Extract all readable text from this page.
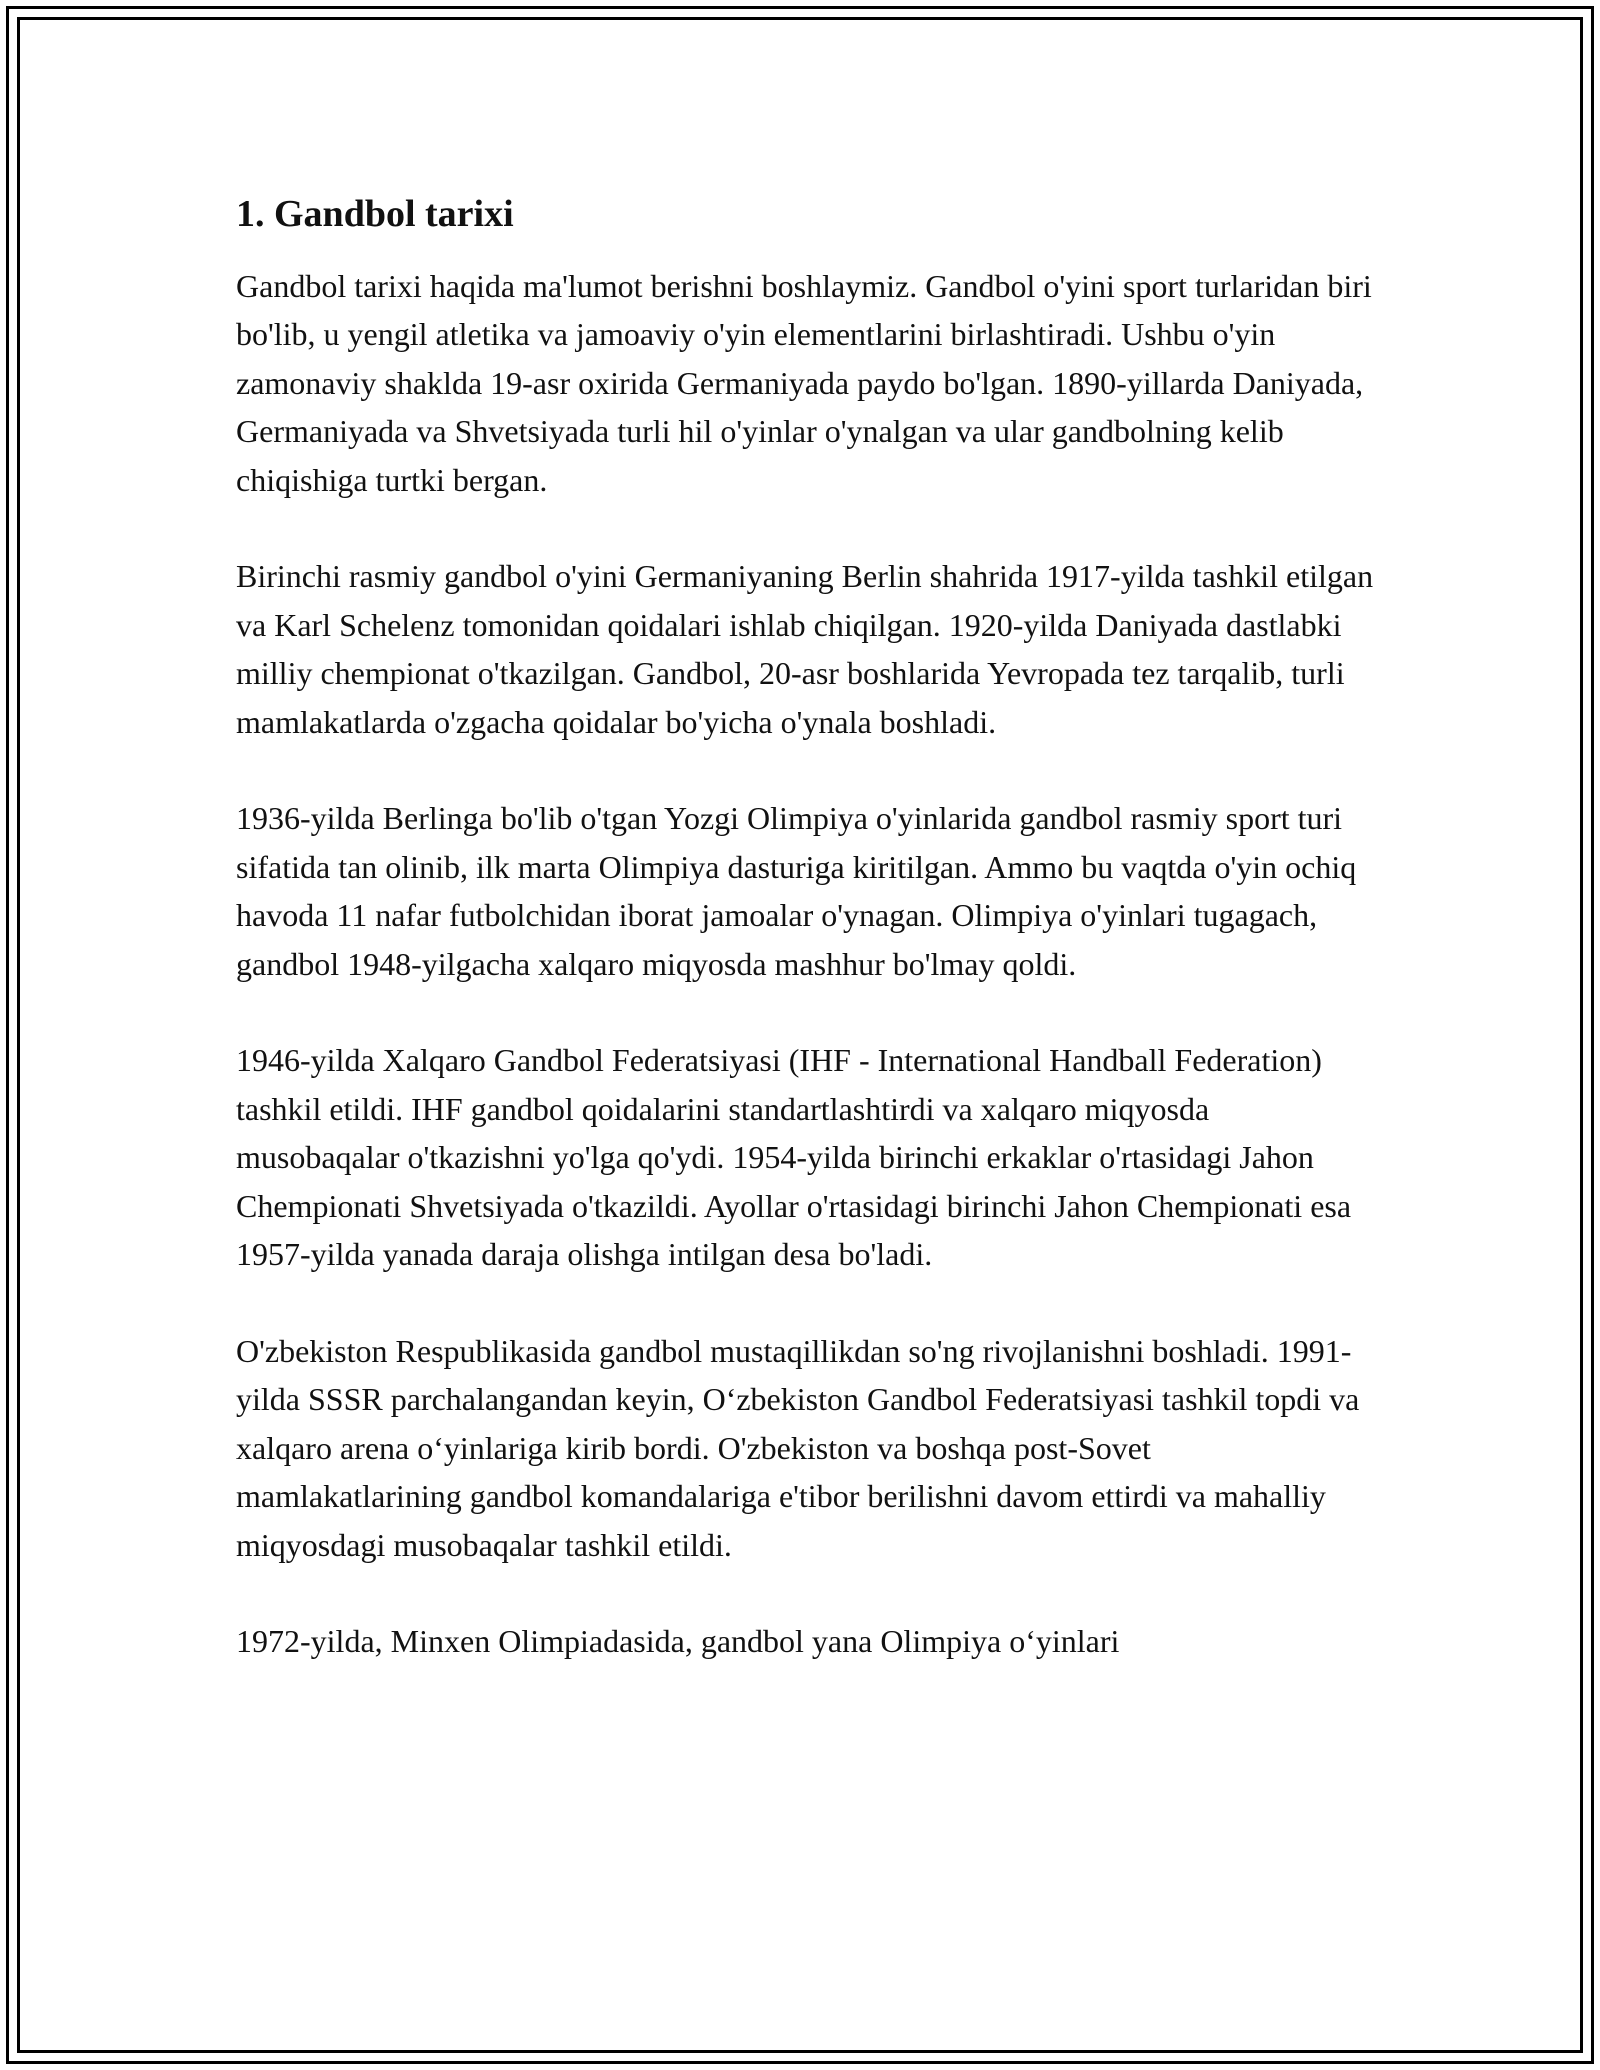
1. Gandbol tarixi

Gandbol tarixi haqida ma'lumot berishni boshlaymiz. Gandbol o'yini sport turlaridan biri bo'lib, u yengil atletika va jamoaviy o'yin elementlarini birlashtiradi. Ushbu o'yin zamonaviy shaklda 19-asr oxirida Germaniyada paydo bo'lgan. 1890-yillarda Daniyada, Germaniyada va Shvetsiyada turli hil o'yinlar o'ynalgan va ular gandbolning kelib chiqishiga turtki bergan.

Birinchi rasmiy gandbol o'yini Germaniyaning Berlin shahrida 1917-yilda tashkil etilgan va Karl Schelenz tomonidan qoidalari ishlab chiqilgan. 1920-yilda Daniyada dastlabki milliy chempionat o'tkazilgan. Gandbol, 20-asr boshlarida Yevropada tez tarqalib, turli mamlakatlarda o'zgacha qoidalar bo'yicha o'ynala boshladi.

1936-yilda Berlinga bo'lib o'tgan Yozgi Olimpiya o'yinlarida gandbol rasmiy sport turi sifatida tan olinib, ilk marta Olimpiya dasturiga kiritilgan. Ammo bu vaqtda o'yin ochiq havoda 11 nafar futbolchidan iborat jamoalar o'ynagan. Olimpiya o'yinlari tugagach, gandbol 1948-yilgacha xalqaro miqyosda mashhur bo'lmay qoldi.

1946-yilda Xalqaro Gandbol Federatsiyasi (IHF - International Handball Federation) tashkil etildi. IHF gandbol qoidalarini standartlashtirdi va xalqaro miqyosda musobaqalar o'tkazishni yo'lga qo'ydi. 1954-yilda birinchi erkaklar o'rtasidagi Jahon Chempionati Shvetsiyada o'tkazildi. Ayollar o'rtasidagi birinchi Jahon Chempionati esa 1957-yilda yanada daraja olishga intilgan desa bo'ladi.

O'zbekiston Respublikasida gandbol mustaqillikdan so'ng rivojlanishni boshladi. 1991-yilda SSSR parchalangandan keyin, O‘zbekiston Gandbol Federatsiyasi tashkil topdi va xalqaro arena o‘yinlariga kirib bordi. O'zbekiston va boshqa post-Sovet mamlakatlarining gandbol komandalariga e'tibor berilishni davom ettirdi va mahalliy miqyosdagi musobaqalar tashkil etildi.

1972-yilda, Minxen Olimpiadasida, gandbol yana Olimpiya o‘yinlari
